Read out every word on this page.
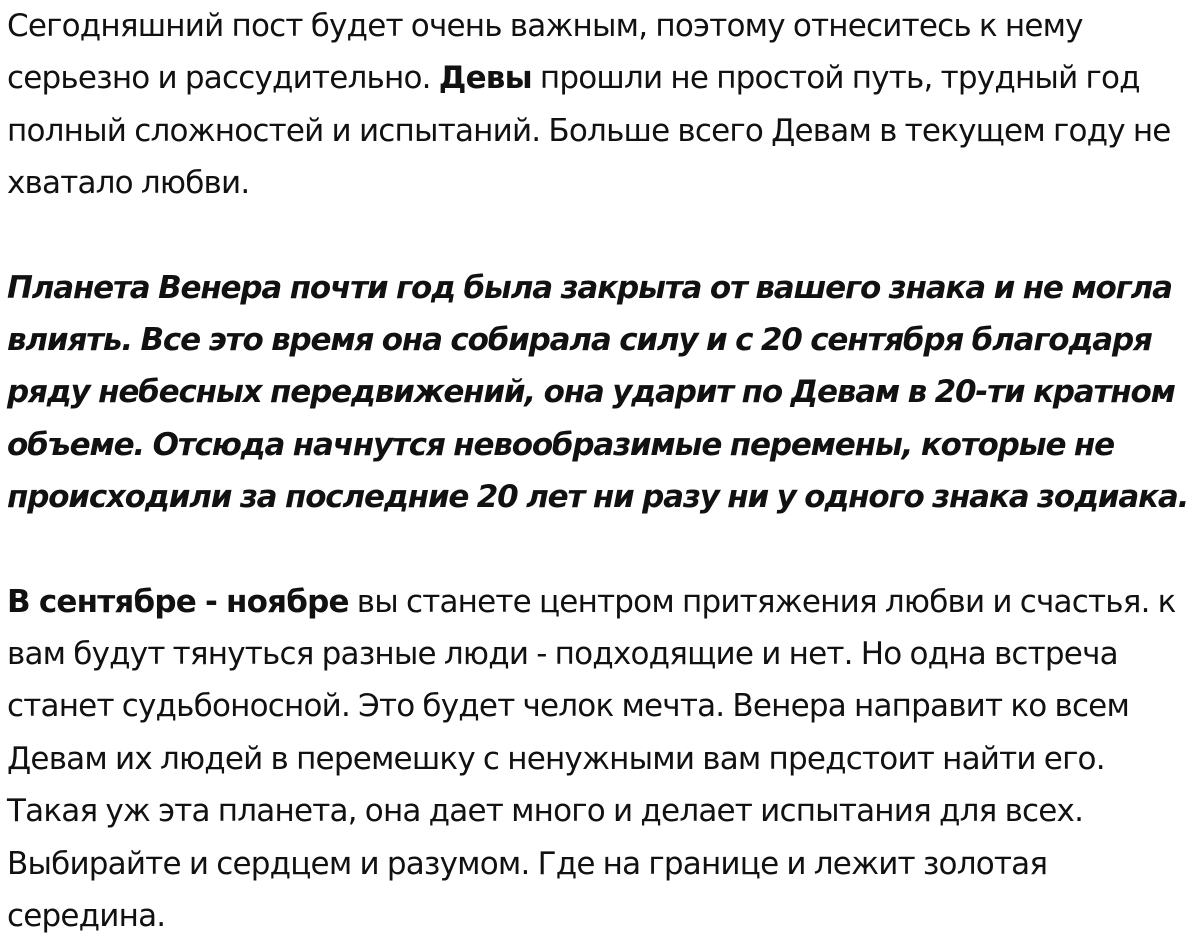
Сегодняшний пост будет очень важным, поэтому отнеситесь к нему
серьезно и рассудительно. Девы прошли не простой путь, трудный год
полный сложностей и испытаний. Больше всего Девам в текущем году не
хватало любви.

Планета Венера почти год была закрыта от вашего знака и не могла
влиять. Все это время она собирала силу и с 20 сентября благодаря
ряду небесных передвижений, она ударит по Девам в 20-ти кратном
объеме. Отсюда начнутся невообразимые перемены, которые не
происходили за последние 20 лет ни разу ни у одного знака зодиака.

В сентябре - ноябре вы станете центром притяжения любви и счастья. к
вам будут тянуться разные люди - подходящие и нет. Но одна встреча
станет судьбоносной. Это будет челок мечта. Венера направит ко всем
Девам их людей в перемешку с ненужными вам предстоит найти его.
Такая уж эта планета, она дает много и делает испытания для всех.
Выбирайте и сердцем и разумом. Где на границе и лежит золотая
середина.
